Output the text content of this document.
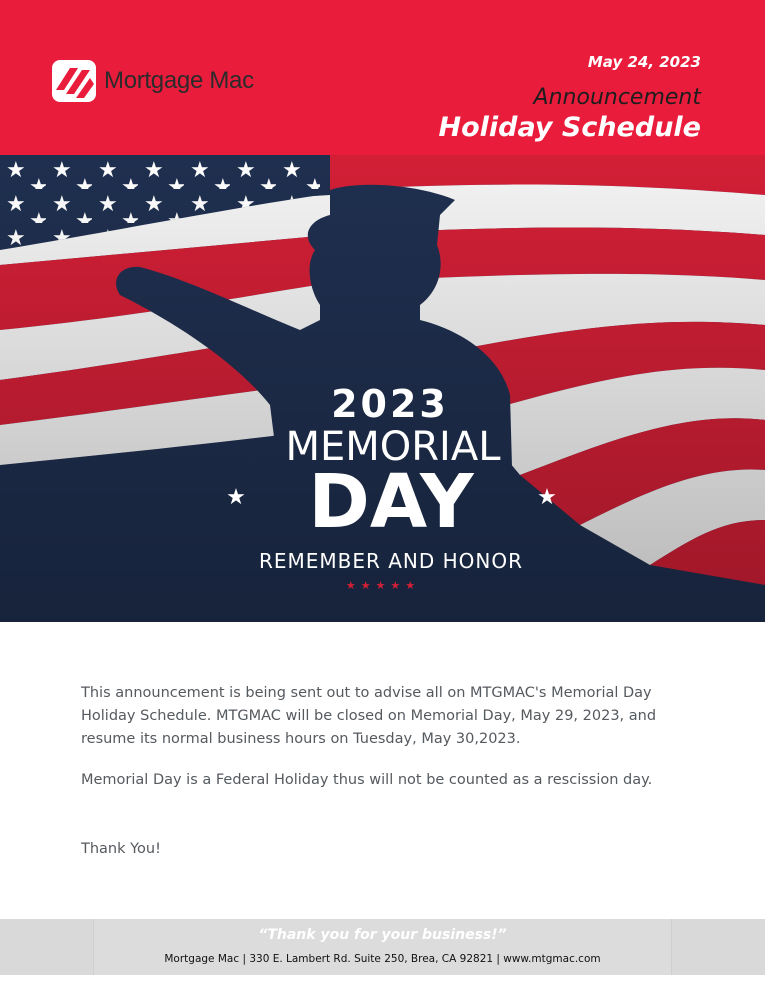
Mortgage Mac
May 24, 2023
Announcement
Holiday Schedule
2023
MEMORIAL
DAY
★	★
REMEMBER AND HONOR
★★★★★

This announcement is being sent out to advise all on MTGMAC's Memorial Day Holiday Schedule. MTGMAC will be closed on Memorial Day, May 29, 2023, and resume its normal business hours on Tuesday, May 30,2023.

Memorial Day is a Federal Holiday thus will not be counted as a rescission day.
Thank You!
“Thank you for your business!”
Mortgage Mac | 330 E. Lambert Rd. Suite 250, Brea, CA 92821 | www.mtgmac.com
